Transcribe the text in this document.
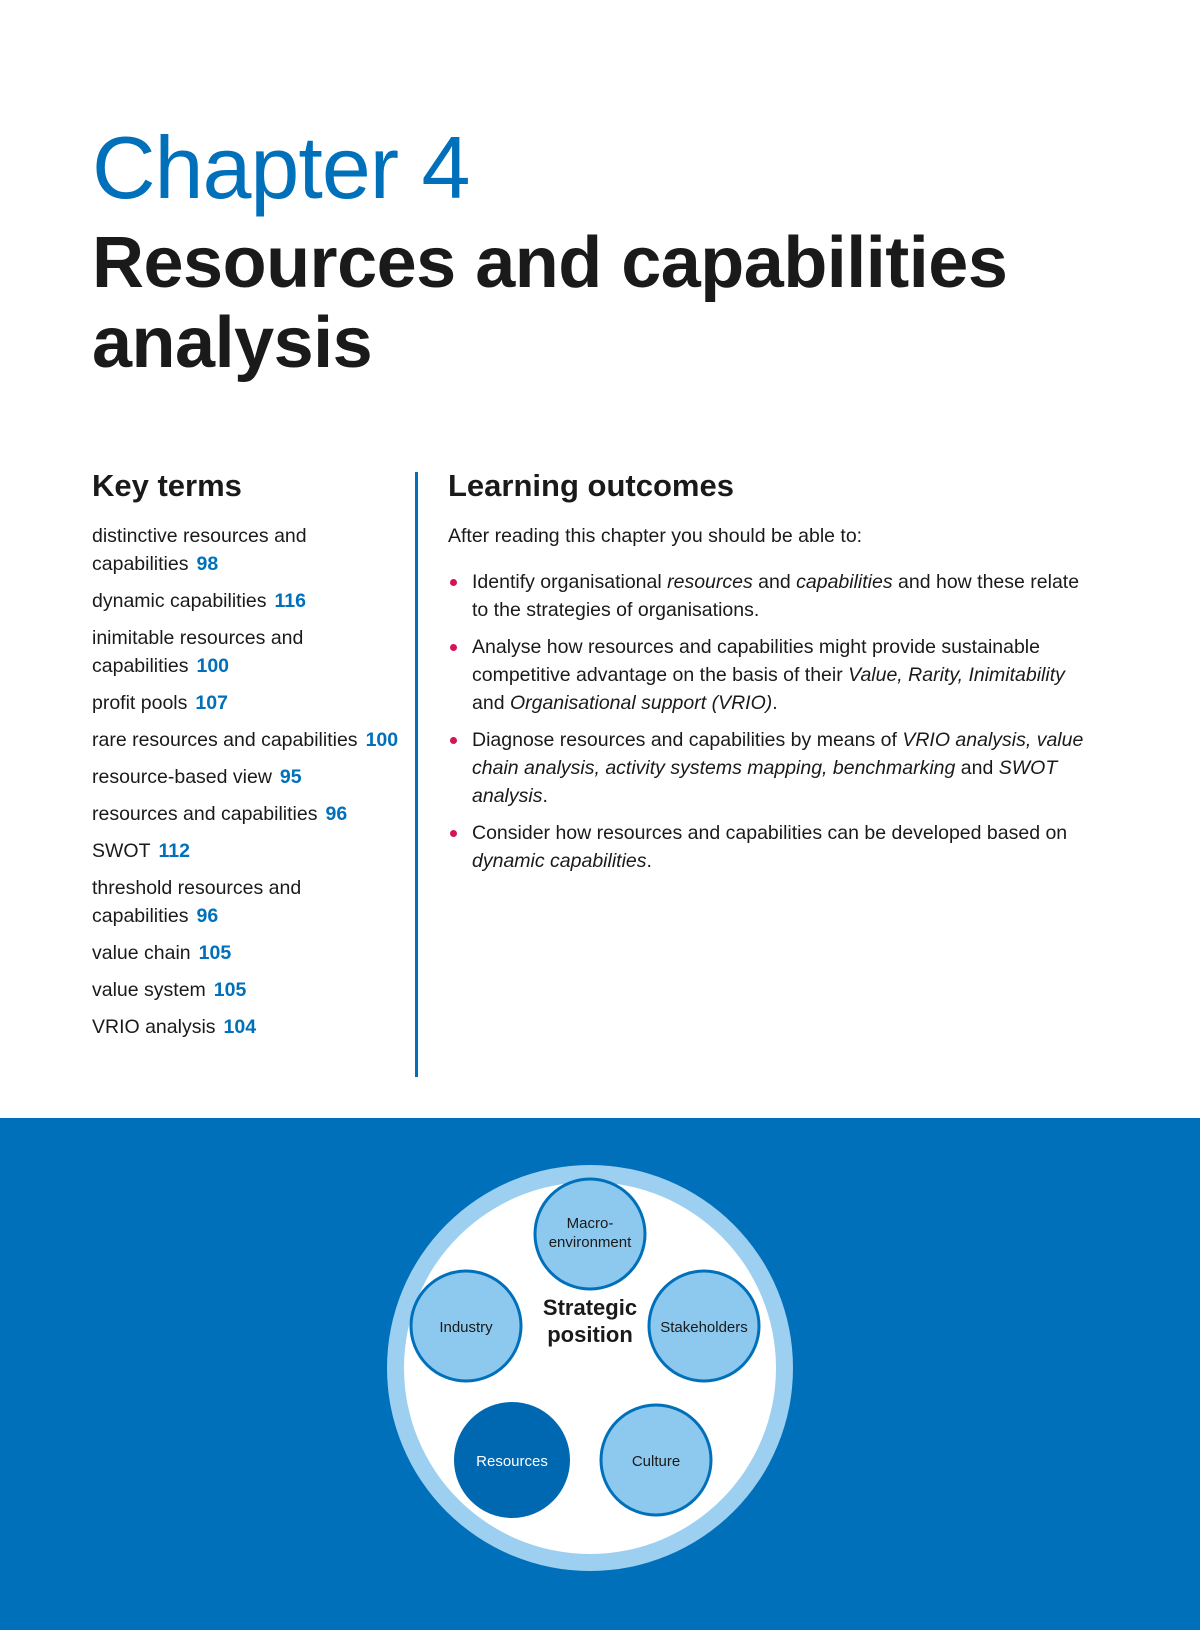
Chapter 4
Resources and capabilities analysis
Key terms
distinctive resources and capabilities 98
dynamic capabilities 116
inimitable resources and capabilities 100
profit pools 107
rare resources and capabilities 100
resource-based view 95
resources and capabilities 96
SWOT 112
threshold resources and capabilities 96
value chain 105
value system 105
VRIO analysis 104
Learning outcomes

After reading this chapter you should be able to:

Identify organisational resources and capabilities and how these relate to the strategies of organisations.
Analyse how resources and capabilities might provide sustainable competitive advantage on the basis of their Value, Rarity, Inimitability and Organisational support (VRIO).
Diagnose resources and capabilities by means of VRIO analysis, value chain analysis, activity systems mapping, benchmarking and SWOT analysis.
Consider how resources and capabilities can be developed based on dynamic capabilities.
Strategic
position
Macro-
environment
Industry	Stakeholders
Resources	Culture
